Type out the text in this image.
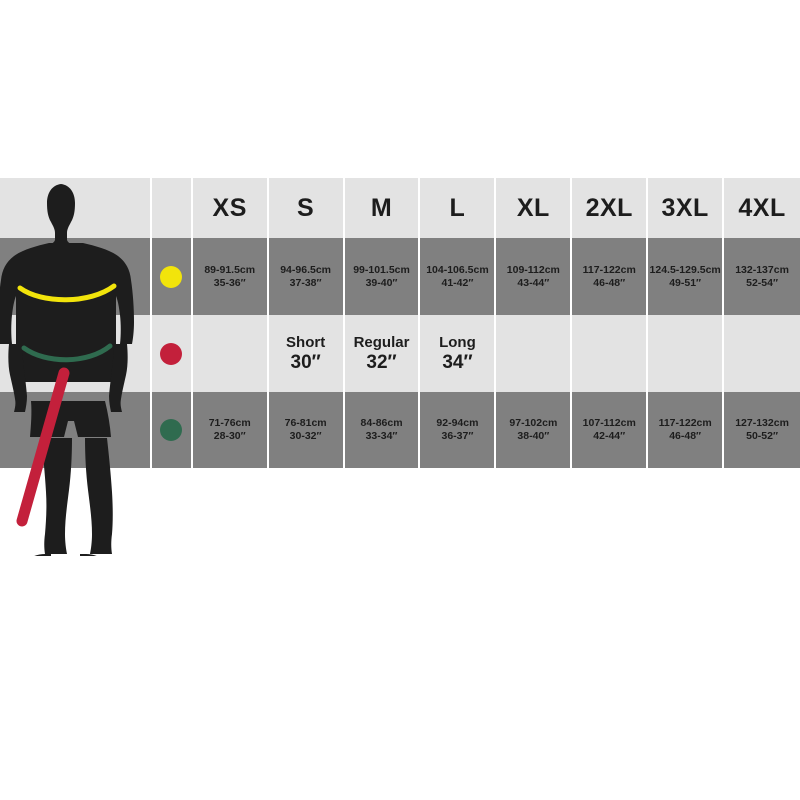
XS S M L XL 2XL 3XL 4XL
89-91.5cm
35-36″
94-96.5cm
37-38″
99-101.5cm
39-40″
104-106.5cm
41-42″
109-112cm
43-44″
117-122cm
46-48″
124.5-129.5cm
49-51″
132-137cm
52-54″
Short
30″
Regular
32″
Long
34″
71-76cm
28-30″
76-81cm
30-32″
84-86cm
33-34″
92-94cm
36-37″
97-102cm
38-40″
107-112cm
42-44″
117-122cm
46-48″
127-132cm
50-52″
